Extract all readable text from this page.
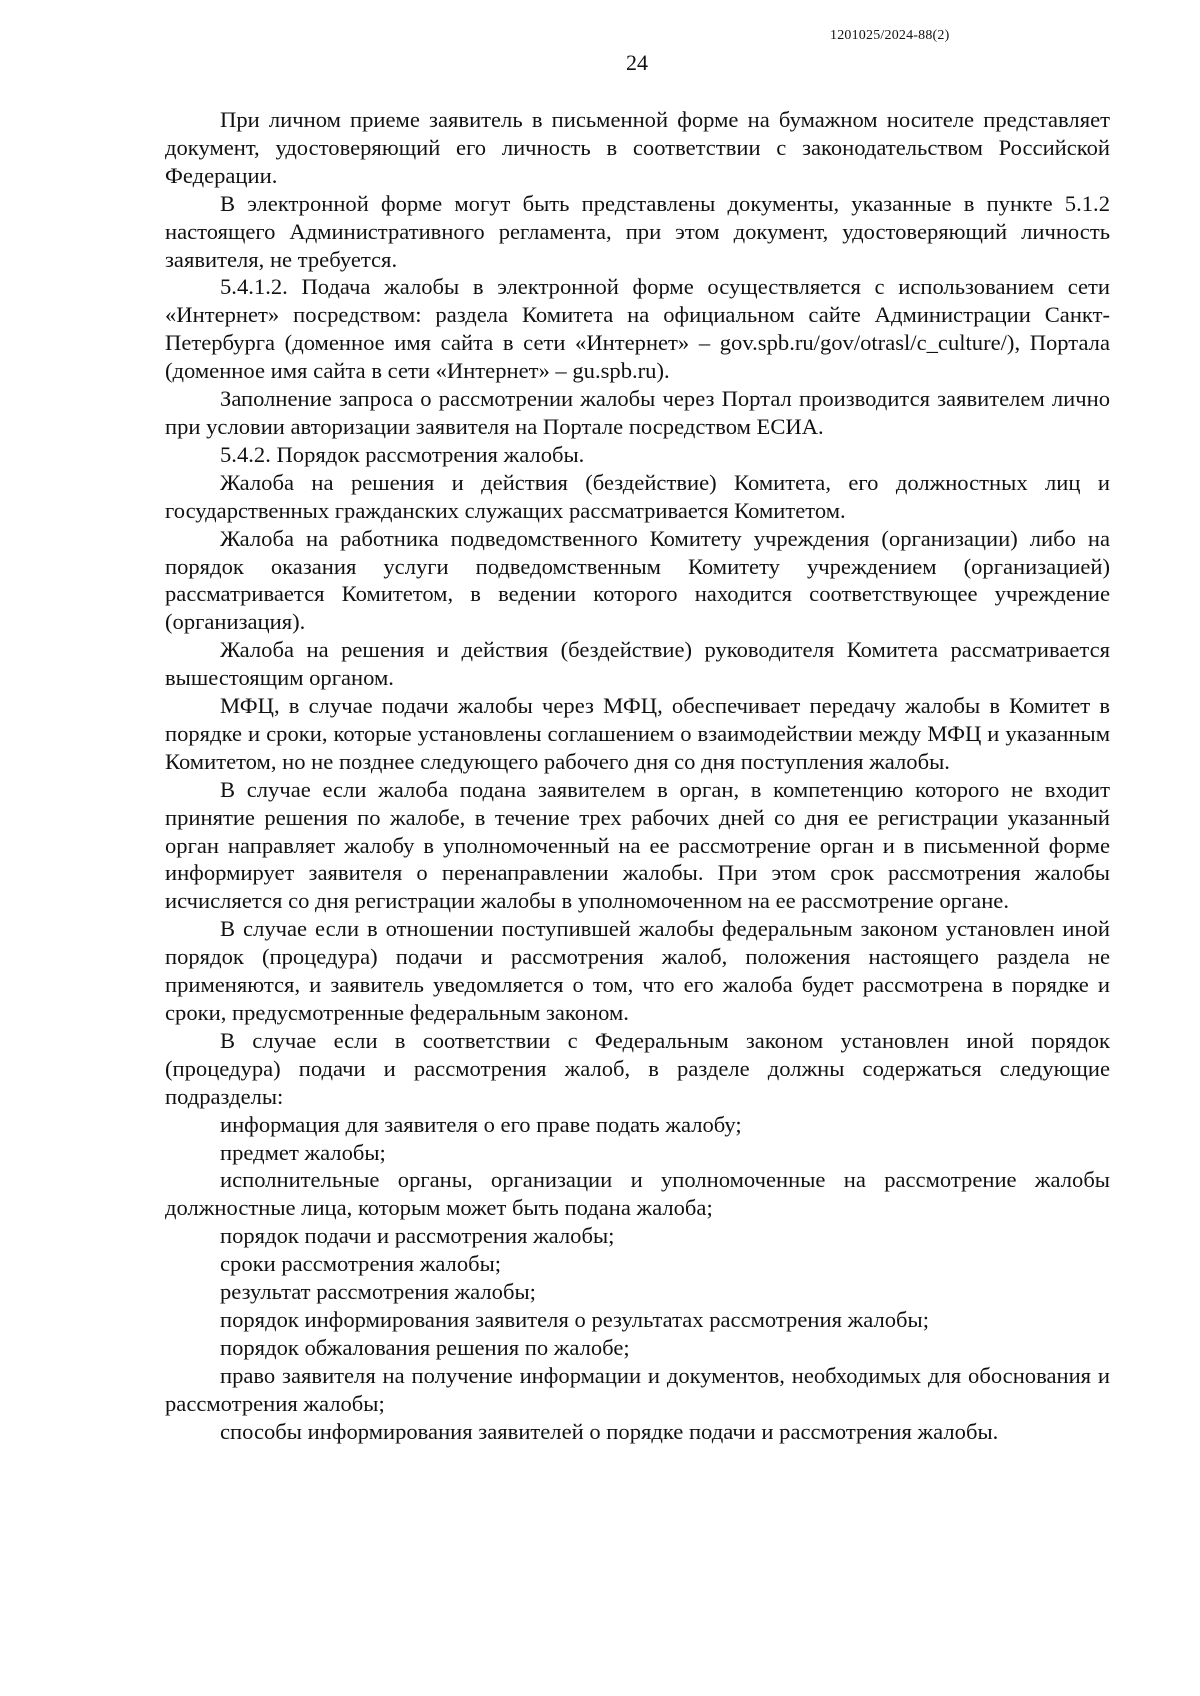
1201025/2024-88(2)
24

При личном приеме заявитель в письменной форме на бумажном носителе представляет документ, удостоверяющий его личность в соответствии с законодательством Российской Федерации.

В электронной форме могут быть представлены документы, указанные в пункте 5.1.2 настоящего Административного регламента, при этом документ, удостоверяющий личность заявителя, не требуется.

5.4.1.2. Подача жалобы в электронной форме осуществляется с использованием сети «Интернет» посредством: раздела Комитета на официальном сайте Администрации Санкт-Петербурга (доменное имя сайта в сети «Интернет» – gov.spb.ru/gov/otrasl/c_culture/), Портала (доменное имя сайта в сети «Интернет» – gu.spb.ru).

Заполнение запроса о рассмотрении жалобы через Портал производится заявителем лично при условии авторизации заявителя на Портале посредством ЕСИА.

5.4.2. Порядок рассмотрения жалобы.

Жалоба на решения и действия (бездействие) Комитета, его должностных лиц и государственных гражданских служащих рассматривается Комитетом.

Жалоба на работника подведомственного Комитету учреждения (организации) либо на порядок оказания услуги подведомственным Комитету учреждением (организацией) рассматривается Комитетом, в ведении которого находится соответствующее учреждение (организация).

Жалоба на решения и действия (бездействие) руководителя Комитета рассматривается вышестоящим органом.

МФЦ, в случае подачи жалобы через МФЦ, обеспечивает передачу жалобы в Комитет в порядке и сроки, которые установлены соглашением о взаимодействии между МФЦ и указанным Комитетом, но не позднее следующего рабочего дня со дня поступления жалобы.

В случае если жалоба подана заявителем в орган, в компетенцию которого не входит принятие решения по жалобе, в течение трех рабочих дней со дня ее регистрации указанный орган направляет жалобу в уполномоченный на ее рассмотрение орган и в письменной форме информирует заявителя о перенаправлении жалобы. При этом срок рассмотрения жалобы исчисляется со дня регистрации жалобы в уполномоченном на ее рассмотрение органе.

В случае если в отношении поступившей жалобы федеральным законом установлен иной порядок (процедура) подачи и рассмотрения жалоб, положения настоящего раздела не применяются, и заявитель уведомляется о том, что его жалоба будет рассмотрена в порядке и сроки, предусмотренные федеральным законом.

В случае если в соответствии с Федеральным законом установлен иной порядок (процедура) подачи и рассмотрения жалоб, в разделе должны содержаться следующие подразделы:

информация для заявителя о его праве подать жалобу;

предмет жалобы;

исполнительные органы, организации и уполномоченные на рассмотрение жалобы должностные лица, которым может быть подана жалоба;

порядок подачи и рассмотрения жалобы;

сроки рассмотрения жалобы;

результат рассмотрения жалобы;

порядок информирования заявителя о результатах рассмотрения жалобы;

порядок обжалования решения по жалобе;

право заявителя на получение информации и документов, необходимых для обоснования и рассмотрения жалобы;

способы информирования заявителей о порядке подачи и рассмотрения жалобы.
